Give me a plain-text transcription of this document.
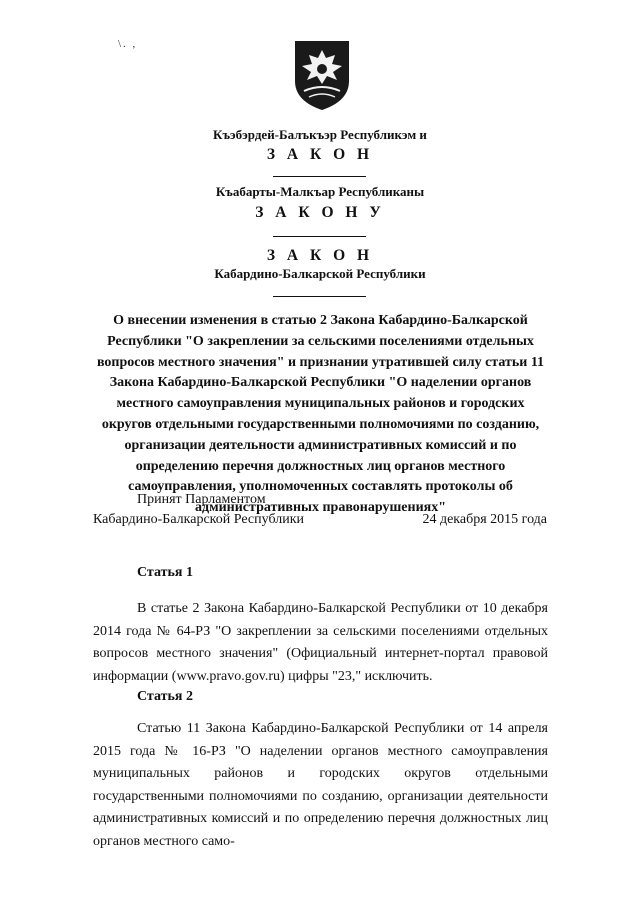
\. ,
Къэбэрдей-Балъкъэр Республикэм и
З А К О Н
Къабарты-Малкъар Республиканы
З А К О Н У
З А К О Н
Кабардино-Балкарской Республики

О внесении изменения в статью 2 Закона Кабардино-Балкарской Республики "О закреплении за сельскими поселениями отдельных вопросов местного значения" и признании утратившей силу статьи 11 Закона Кабардино-Балкарской Республики "О наделении органов местного самоуправления муниципальных районов и городских округов отдельными государственными полномочиями по созданию, организации деятельности административных комиссий и по определению перечня должностных лиц органов местного самоуправления, уполномоченных составлять протоколы об административных правонарушениях"

Принят Парламентом
Кабардино-Балкарской Республики	24 декабря 2015 года
Статья 1

В статье 2 Закона Кабардино-Балкарской Республики от 10 декабря 2014 года № 64-РЗ "О закреплении за сельскими поселениями отдельных вопросов местного значения" (Официальный интернет-портал правовой информации (www.pravo.gov.ru) цифры "23," исключить.

Статья 2

Статью 11 Закона Кабардино-Балкарской Республики от 14 апреля 2015 года № 16-РЗ "О наделении органов местного самоуправления муниципальных районов и городских округов отдельными государственными полномочиями по созданию, организации деятельности административных комиссий и по определению перечня должностных лиц органов местного само-
